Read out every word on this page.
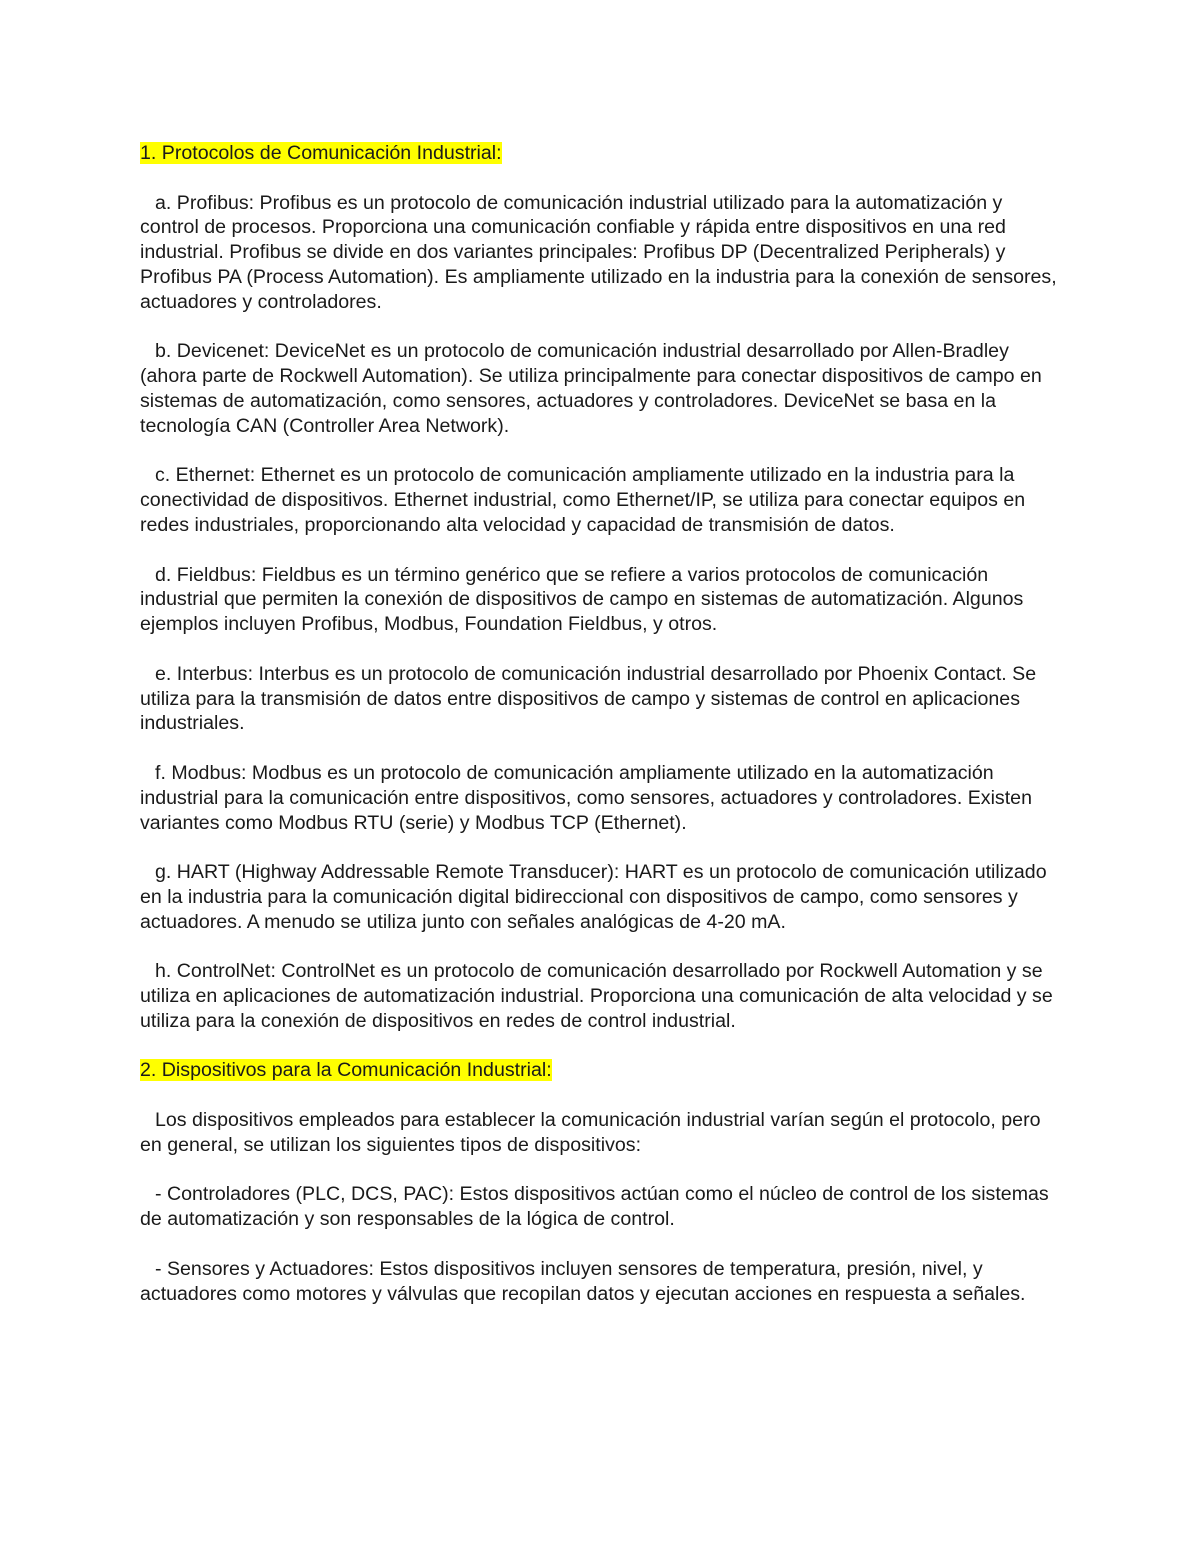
1. Protocolos de Comunicación Industrial:
a. Profibus: Profibus es un protocolo de comunicación industrial utilizado para la automatización y control de procesos. Proporciona una comunicación confiable y rápida entre dispositivos en una red industrial. Profibus se divide en dos variantes principales: Profibus DP (Decentralized Peripherals) y Profibus PA (Process Automation). Es ampliamente utilizado en la industria para la conexión de sensores, actuadores y controladores.
b. Devicenet: DeviceNet es un protocolo de comunicación industrial desarrollado por Allen-Bradley (ahora parte de Rockwell Automation). Se utiliza principalmente para conectar dispositivos de campo en sistemas de automatización, como sensores, actuadores y controladores. DeviceNet se basa en la tecnología CAN (Controller Area Network).
c. Ethernet: Ethernet es un protocolo de comunicación ampliamente utilizado en la industria para la conectividad de dispositivos. Ethernet industrial, como Ethernet/IP, se utiliza para conectar equipos en redes industriales, proporcionando alta velocidad y capacidad de transmisión de datos.
d. Fieldbus: Fieldbus es un término genérico que se refiere a varios protocolos de comunicación industrial que permiten la conexión de dispositivos de campo en sistemas de automatización. Algunos ejemplos incluyen Profibus, Modbus, Foundation Fieldbus, y otros.
e. Interbus: Interbus es un protocolo de comunicación industrial desarrollado por Phoenix Contact. Se utiliza para la transmisión de datos entre dispositivos de campo y sistemas de control en aplicaciones industriales.
f. Modbus: Modbus es un protocolo de comunicación ampliamente utilizado en la automatización industrial para la comunicación entre dispositivos, como sensores, actuadores y controladores. Existen variantes como Modbus RTU (serie) y Modbus TCP (Ethernet).
g. HART (Highway Addressable Remote Transducer): HART es un protocolo de comunicación utilizado en la industria para la comunicación digital bidireccional con dispositivos de campo, como sensores y actuadores. A menudo se utiliza junto con señales analógicas de 4-20 mA.
h. ControlNet: ControlNet es un protocolo de comunicación desarrollado por Rockwell Automation y se utiliza en aplicaciones de automatización industrial. Proporciona una comunicación de alta velocidad y se utiliza para la conexión de dispositivos en redes de control industrial.
2. Dispositivos para la Comunicación Industrial:
Los dispositivos empleados para establecer la comunicación industrial varían según el protocolo, pero en general, se utilizan los siguientes tipos de dispositivos:
- Controladores (PLC, DCS, PAC): Estos dispositivos actúan como el núcleo de control de los sistemas de automatización y son responsables de la lógica de control.
- Sensores y Actuadores: Estos dispositivos incluyen sensores de temperatura, presión, nivel, y actuadores como motores y válvulas que recopilan datos y ejecutan acciones en respuesta a señales.
